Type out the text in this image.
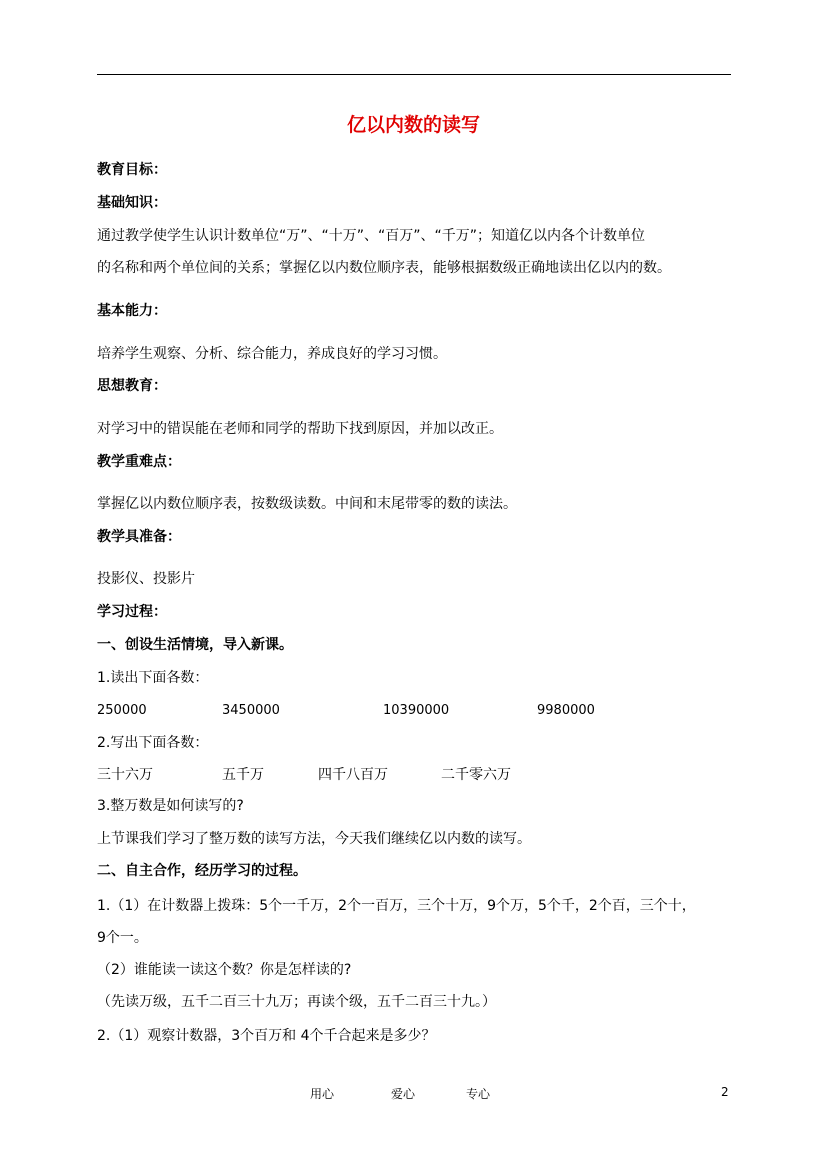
亿以内数的读写
教育目标：
基础知识：
通过教学使学生认识计数单位“万”、“十万”、“百万”、“千万”；知道亿以内各个计数单位
的名称和两个单位间的关系；掌握亿以内数位顺序表，能够根据数级正确地读出亿以内的数。
基本能力：
培养学生观察、分析、综合能力，养成良好的学习习惯。
思想教育：
对学习中的错误能在老师和同学的帮助下找到原因，并加以改正。
教学重难点：
掌握亿以内数位顺序表，按数级读数。中间和末尾带零的数的读法。
教学具准备：
投影仪、投影片
学习过程：
一、创设生活情境，导入新课。
1.读出下面各数：
250000	3450000	10390000	9980000
2.写出下面各数：
三十六万	五千万	四千八百万	二千零六万
3.整万数是如何读写的?
上节课我们学习了整万数的读写方法，今天我们继续亿以内数的读写。
二、自主合作，经历学习的过程。
1.（1）在计数器上拨珠：5个一千万，2个一百万，三个十万，9个万，5个千，2个百，三个十，
9个一。
（2）谁能读一读这个数？你是怎样读的?
（先读万级，五千二百三十九万；再读个级，五千二百三十九。）
2.（1）观察计数器，3个百万和 4个千合起来是多少？
用心	爱心	专心	2
